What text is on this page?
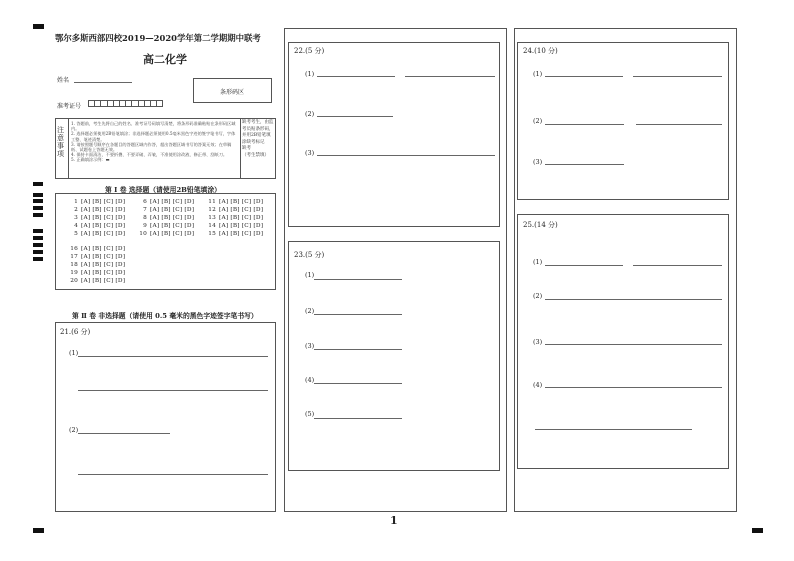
鄂尔多斯西部四校2019—2020学年第二学期期中联考
高二化学
姓名
条形码区
准考证号
注意事项
1. 答题前，考生先将自己的姓名、准考证号码填写清楚，将条形码准确粘贴在条形码区域内。
2. 选择题必须使用2B铅笔填涂；非选择题必须使用0.5毫米黑色字迹的签字笔书写，字体工整、笔迹清楚。
3. 请按照题号顺序在各题目的答题区域内作答，超出答题区域书写的答案无效；在草稿纸、试题卷上答题无效。
4. 保持卡面清洁，不要折叠、不要弄破、弄皱，不准使用涂改液、修正带、刮纸刀。
5. 正确填涂示例：▬
缺考考生，由监
考员贴条形码，
并用2B铅笔填
涂缺考标记
缺考
（考生禁填）
第 Ⅰ 卷 选择题（请使用2B铅笔填涂）
1 [A] [B] [C] [D]
2 [A] [B] [C] [D]
3 [A] [B] [C] [D]
4 [A] [B] [C] [D]
5 [A] [B] [C] [D]
6 [A] [B] [C] [D]
7 [A] [B] [C] [D]
8 [A] [B] [C] [D]
9 [A] [B] [C] [D]
10 [A] [B] [C] [D]
11 [A] [B] [C] [D]
12 [A] [B] [C] [D]
13 [A] [B] [C] [D]
14 [A] [B] [C] [D]
15 [A] [B] [C] [D]
16 [A] [B] [C] [D]
17 [A] [B] [C] [D]
18 [A] [B] [C] [D]
19 [A] [B] [C] [D]
20 [A] [B] [C] [D]
第 Ⅱ 卷 非选择题（请使用 0.5 毫米的黑色字迹签字笔书写）
21.(6 分)
(1)
(2)
22.(5 分)
(1)
(2)
(3)
23.(5 分)
(1)
(2)
(3)
(4)
(5)
24.(10 分)
(1)
(2)
(3)
25.(14 分)
(1)
(2)
(3)
(4)
1
